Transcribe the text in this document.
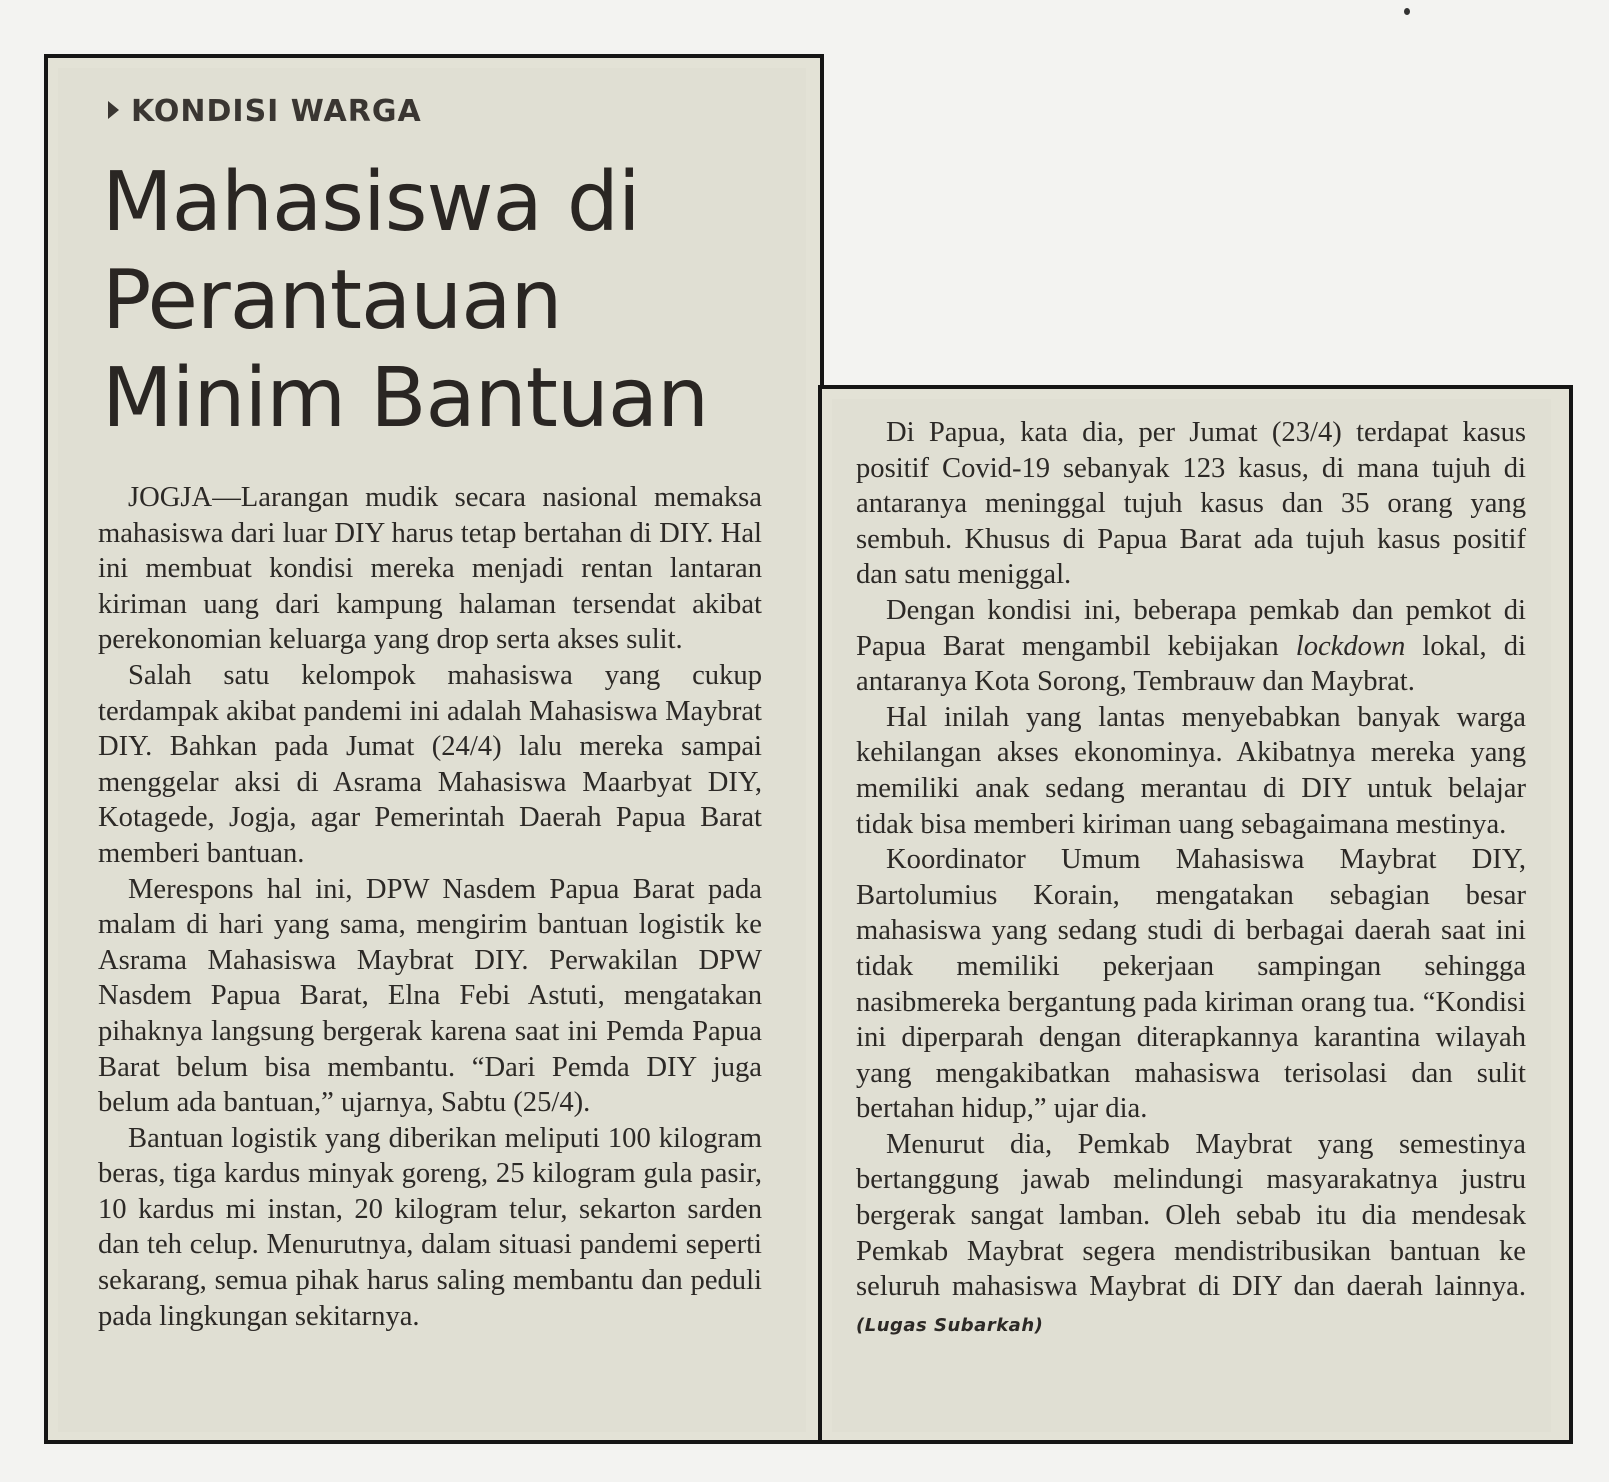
KONDISI WARGA
Mahasiswa di Perantauan Minim Bantuan

JOGJA—Larangan mudik secara nasional memaksa mahasiswa dari luar DIY harus tetap bertahan di DIY. Hal ini membuat kondisi mereka menjadi rentan lantaran kiriman uang dari kampung halaman tersendat akibat perekonomian keluarga yang drop serta akses sulit.

Salah satu kelompok mahasiswa yang cukup terdampak akibat pandemi ini adalah Mahasiswa Maybrat DIY. Bahkan pada Jumat (24/4) lalu mereka sampai menggelar aksi di Asrama Mahasiswa Maarbyat DIY, Kotagede, Jogja, agar Pemerintah Daerah Papua Barat memberi bantuan.

Merespons hal ini, DPW Nasdem Papua Barat pada malam di hari yang sama, mengirim bantuan logistik ke Asrama Mahasiswa Maybrat DIY. Perwakilan DPW Nasdem Papua Barat, Elna Febi Astuti, mengatakan pihaknya langsung bergerak karena saat ini Pemda Papua Barat belum bisa membantu. “Dari Pemda DIY juga belum ada bantuan,” ujarnya, Sabtu (25/4).

Bantuan logistik yang diberikan meliputi 100 kilogram beras, tiga kardus minyak goreng, 25 kilogram gula pasir, 10 kardus mi instan, 20 kilogram telur, sekarton sarden dan teh celup. Menurutnya, dalam situasi pandemi seperti sekarang, semua pihak harus saling membantu dan peduli pada lingkungan sekitarnya.

Di Papua, kata dia, per Jumat (23/4) terdapat kasus positif Covid-19 sebanyak 123 kasus, di mana tujuh di antaranya meninggal tujuh kasus dan 35 orang yang sembuh. Khusus di Papua Barat ada tujuh kasus positif dan satu meniggal.

Dengan kondisi ini, beberapa pemkab dan pemkot di Papua Barat mengambil kebijakan lockdown lokal, di antaranya Kota Sorong, Tembrauw dan Maybrat.

Hal inilah yang lantas menyebabkan banyak warga kehilangan akses ekonominya. Akibatnya mereka yang memiliki anak sedang merantau di DIY untuk belajar tidak bisa memberi kiriman uang sebagaimana mestinya.

Koordinator Umum Mahasiswa Maybrat DIY, Bartolumius Korain, mengatakan sebagian besar mahasiswa yang sedang studi di berbagai daerah saat ini tidak memiliki pekerjaan sampingan sehingga nasibmereka bergantung pada kiriman orang tua. “Kondisi ini diperparah dengan diterapkannya karantina wilayah yang mengakibatkan mahasiswa terisolasi dan sulit bertahan hidup,” ujar dia.

Menurut dia, Pemkab Maybrat yang semestinya bertanggung jawab melindungi masyarakatnya justru bergerak sangat lamban. Oleh sebab itu dia mendesak Pemkab Maybrat segera mendistribusikan bantuan ke seluruh mahasiswa Maybrat di DIY dan daerah lainnya. (Lugas Subarkah)
